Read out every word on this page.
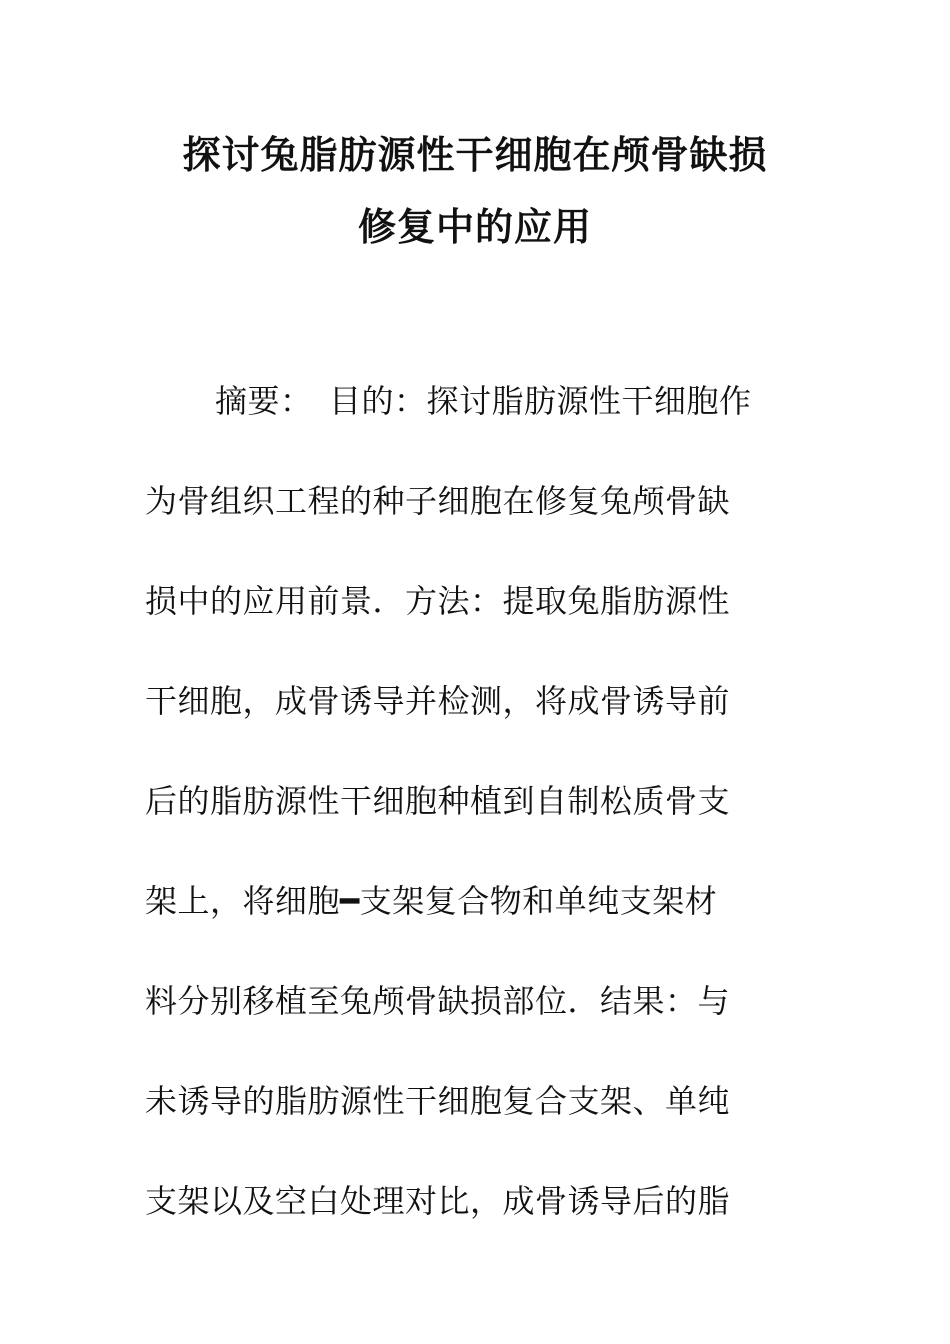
探讨兔脂肪源性干细胞在颅骨缺损
修复中的应用
摘要：　目的：探讨脂肪源性干细胞作
为骨组织工程的种子细胞在修复兔颅骨缺
损中的应用前景．方法：提取兔脂肪源性
干细胞，成骨诱导并检测，将成骨诱导前
后的脂肪源性干细胞种植到自制松质骨支
架上，将细胞━支架复合物和单纯支架材
料分别移植至兔颅骨缺损部位．结果：与
未诱导的脂肪源性干细胞复合支架、单纯
支架以及空白处理对比，成骨诱导后的脂
